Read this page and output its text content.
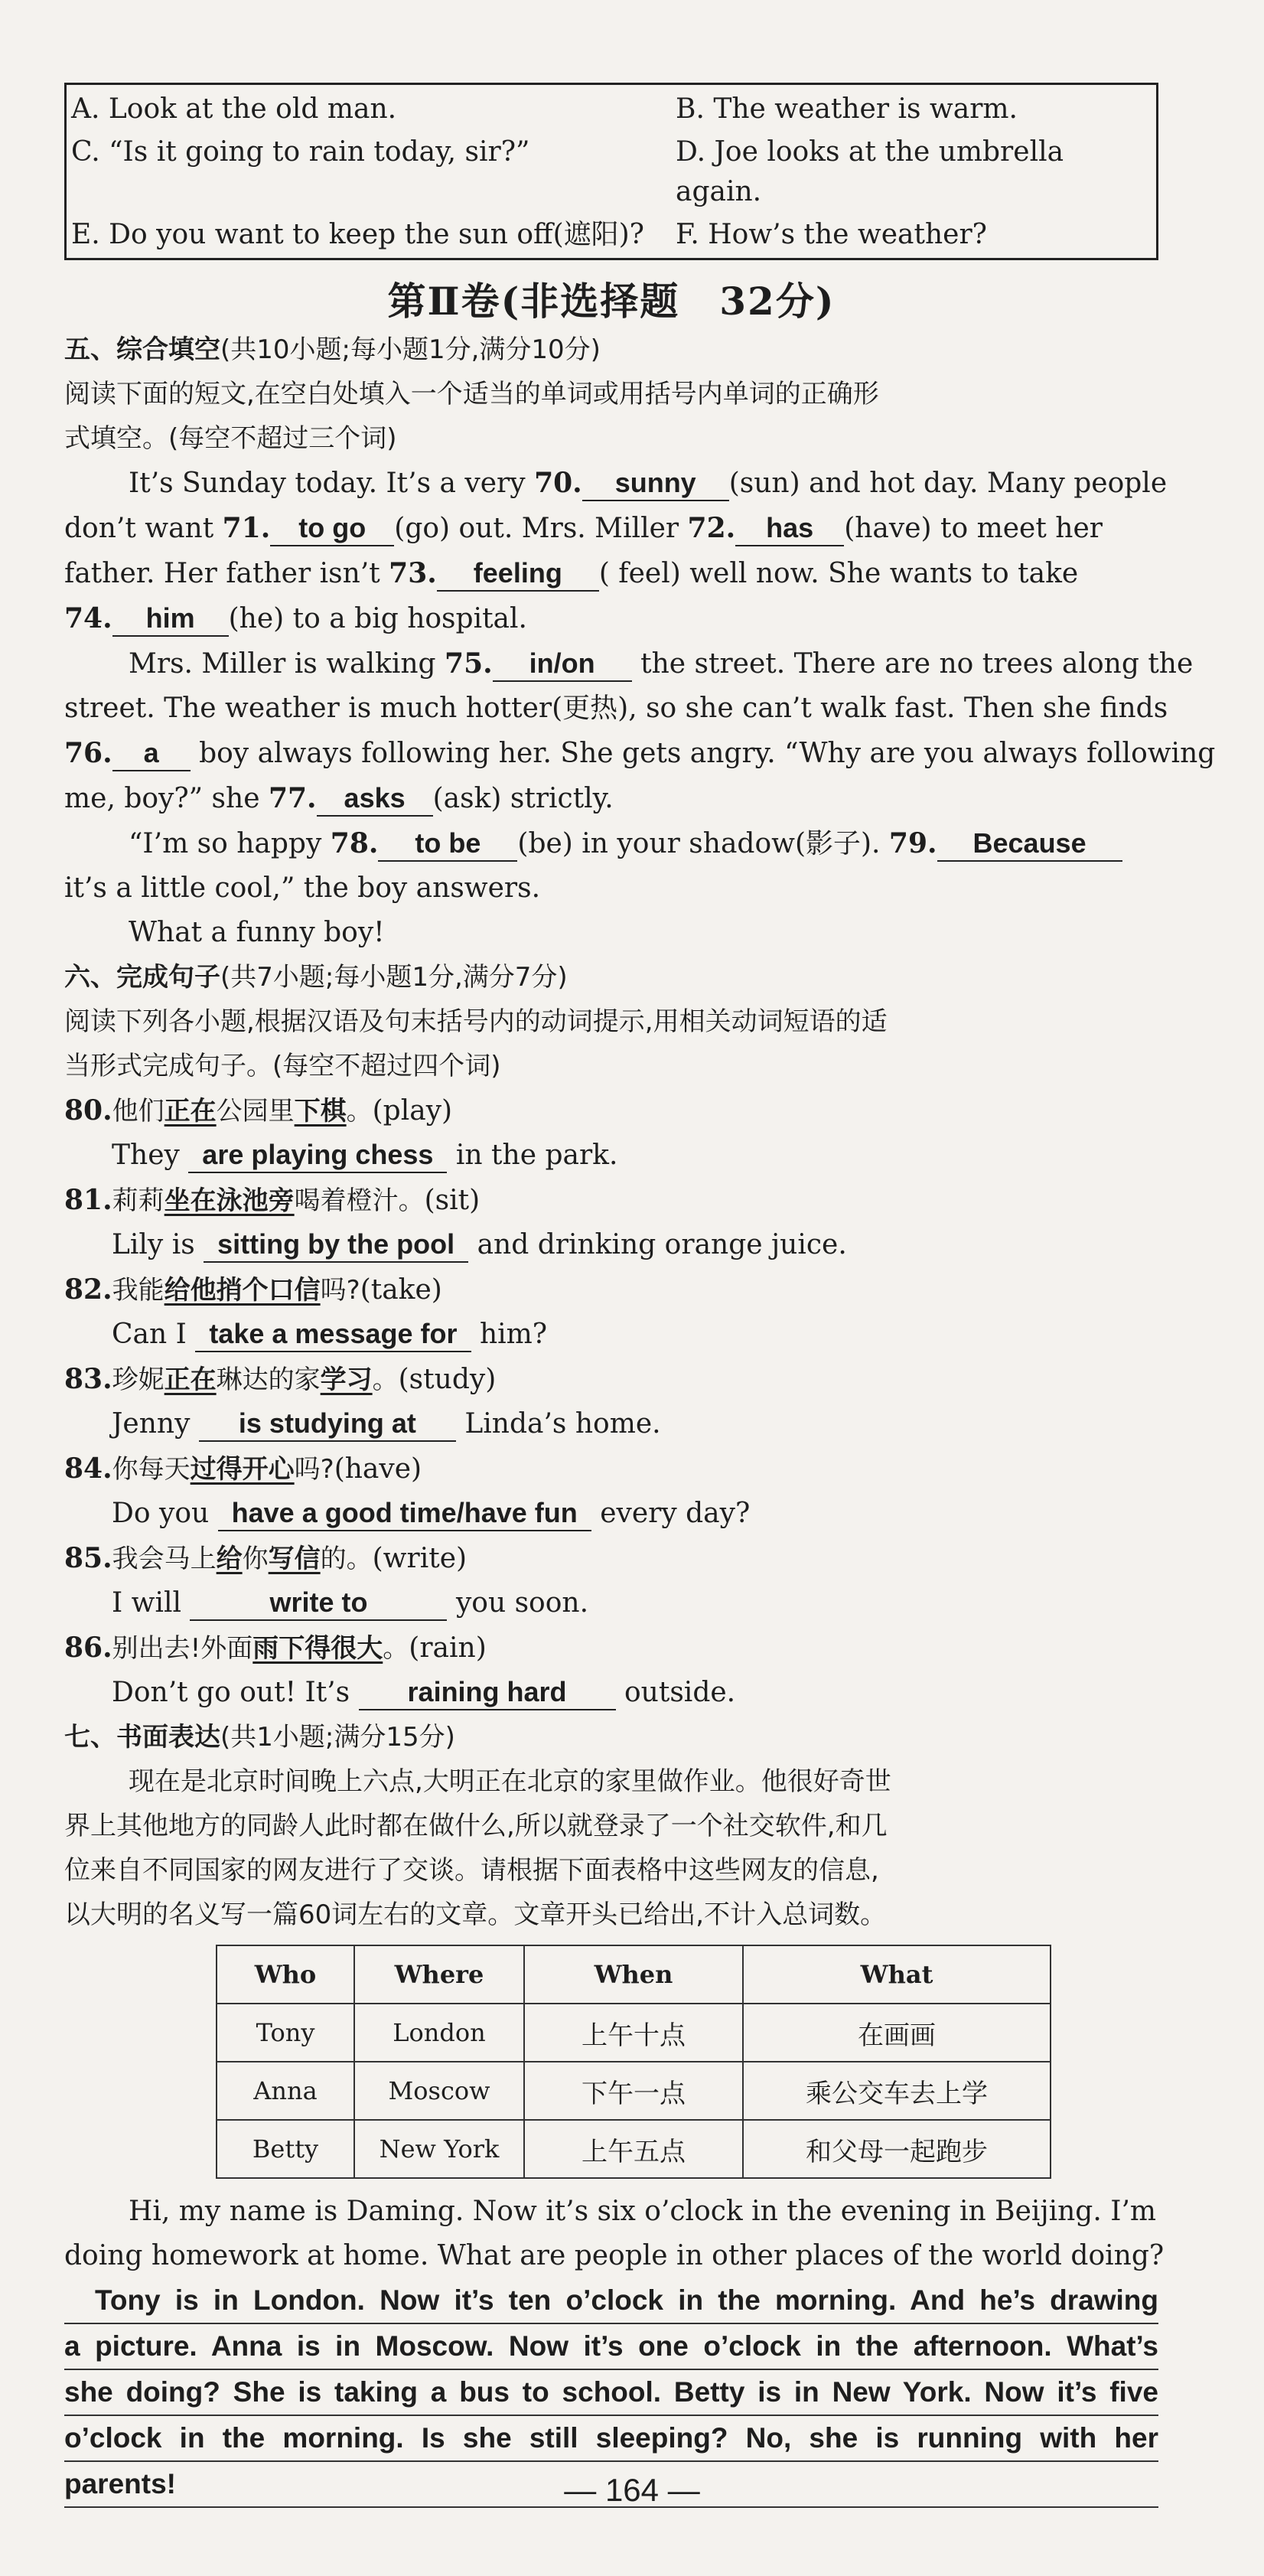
A. Look at the old man.	B. The weather is warm.
C. “Is it going to rain today, sir?”	D. Joe looks at the umbrella again.
E. Do you want to keep the sun off(遮阳)?	F. How’s the weather?
第Ⅱ卷(非选择题　32分)
五、综合填空(共10小题;每小题1分,满分10分)
阅读下面的短文,在空白处填入一个适当的单词或用括号内单词的正确形
式填空。(每空不超过三个词)
It’s Sunday today. It’s a very 70. sunny (sun) and hot day. Many people
don’t want 71. to go (go) out. Mrs. Miller 72. has (have) to meet her
father. Her father isn’t 73. feeling ( feel) well now. She wants to take
74. him (he) to a big hospital.
Mrs. Miller is walking 75. in/on the street. There are no trees along the
street. The weather is much hotter(更热), so she can’t walk fast. Then she finds
76. a boy always following her. She gets angry. “Why are you always following
me, boy?” she 77. asks (ask) strictly.
“I’m so happy 78. to be (be) in your shadow(影子). 79. Because
it’s a little cool,” the boy answers.
What a funny boy!
六、完成句子(共7小题;每小题1分,满分7分)
阅读下列各小题,根据汉语及句末括号内的动词提示,用相关动词短语的适
当形式完成句子。(每空不超过四个词)
80.他们正在公园里下棋。(play)
They are playing chess in the park.
81.莉莉坐在泳池旁喝着橙汁。(sit)
Lily is sitting by the pool and drinking orange juice.
82.我能给他捎个口信吗?(take)
Can I take a message for him?
83.珍妮正在琳达的家学习。(study)
Jenny is studying at Linda’s home.
84.你每天过得开心吗?(have)
Do you have a good time/have fun every day?
85.我会马上给你写信的。(write)
I will	write to	you soon.
86.别出去!外面雨下得很大。(rain)
Don’t go out! It’s raining hard outside.
七、书面表达(共1小题;满分15分)
现在是北京时间晚上六点,大明正在北京的家里做作业。他很好奇世
界上其他地方的同龄人此时都在做什么,所以就登录了一个社交软件,和几
位来自不同国家的网友进行了交谈。请根据下面表格中这些网友的信息,
以大明的名义写一篇60词左右的文章。文章开头已给出,不计入总词数。
Who	Where	When	What
Tony	London	上午十点	在画画
Anna	Moscow	下午一点	乘公交车去上学
Betty	New York	上午五点	和父母一起跑步
Hi, my name is Daming. Now it’s six o’clock in the evening in Beijing. I’m
doing homework at home. What are people in other places of the world doing?
Tony is in London. Now it’s ten o’clock in the morning. And he’s drawing
a picture. Anna is in Moscow. Now it’s one o’clock in the afternoon. What’s
she doing? She is taking a bus to school. Betty is in New York. Now it’s five
o’clock in the morning. Is she still sleeping? No, she is running with her
parents!	— 164 —
